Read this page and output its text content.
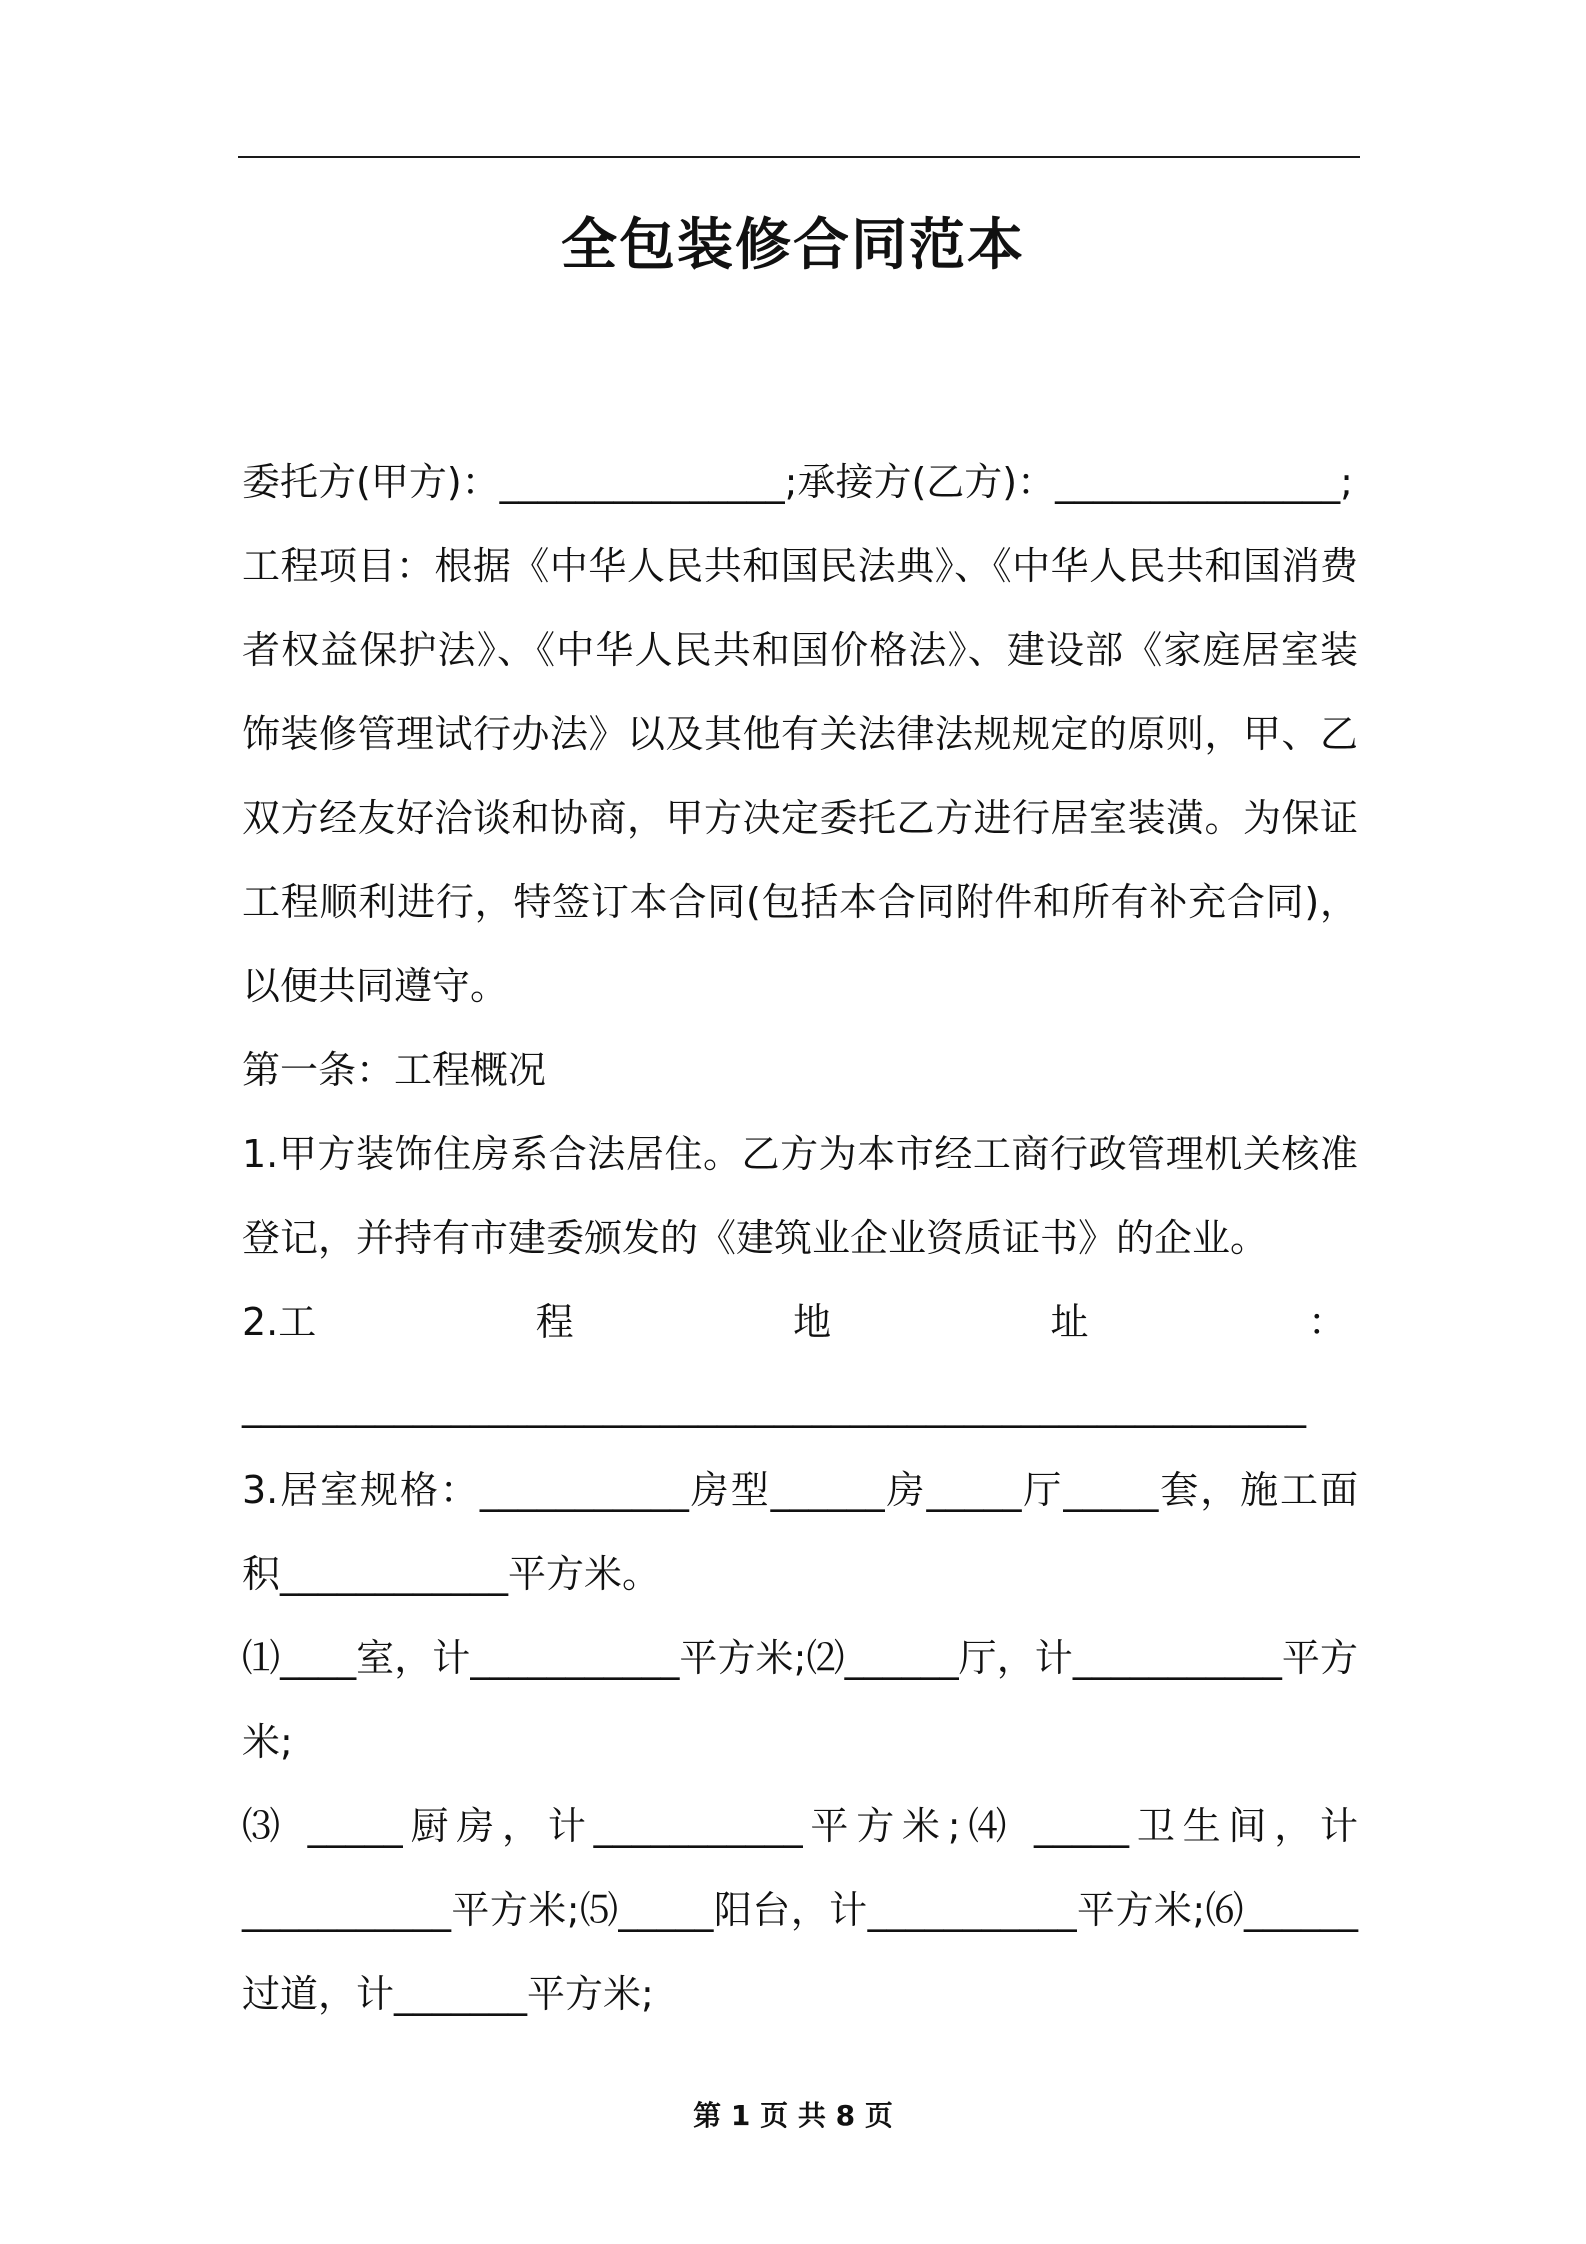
全包装修合同范本

委托方(甲方)：_______________;承接方(乙方)：_______________;

工程项目：根据《中华人民共和国民法典》、《中华人民共和国消费者权益保护法》、《中华人民共和国价格法》、建设部《家庭居室装饰装修管理试行办法》以及其他有关法律法规规定的原则，甲、乙双方经友好洽谈和协商，甲方决定委托乙方进行居室装潢。为保证工程顺利进行，特签订本合同(包括本合同附件和所有补充合同)，以便共同遵守。

第一条：工程概况

1.甲方装饰住房系合法居住。乙方为本市经工商行政管理机关核准登记，并持有市建委颁发的《建筑业企业资质证书》的企业。

2.工	程	地	址	：
________________________________________________________

3.居室规格：___________房型______房_____厅_____套，施工面积____________平方米。

⑴____室，计___________平方米;⑵______厅，计___________平方米;

⑶ _____厨房，计___________平方米;⑷ _____卫生间，计___________平方米;⑸_____阳台，计___________平方米;⑹______过道，计_______平方米;

第 1 页 共 8 页
